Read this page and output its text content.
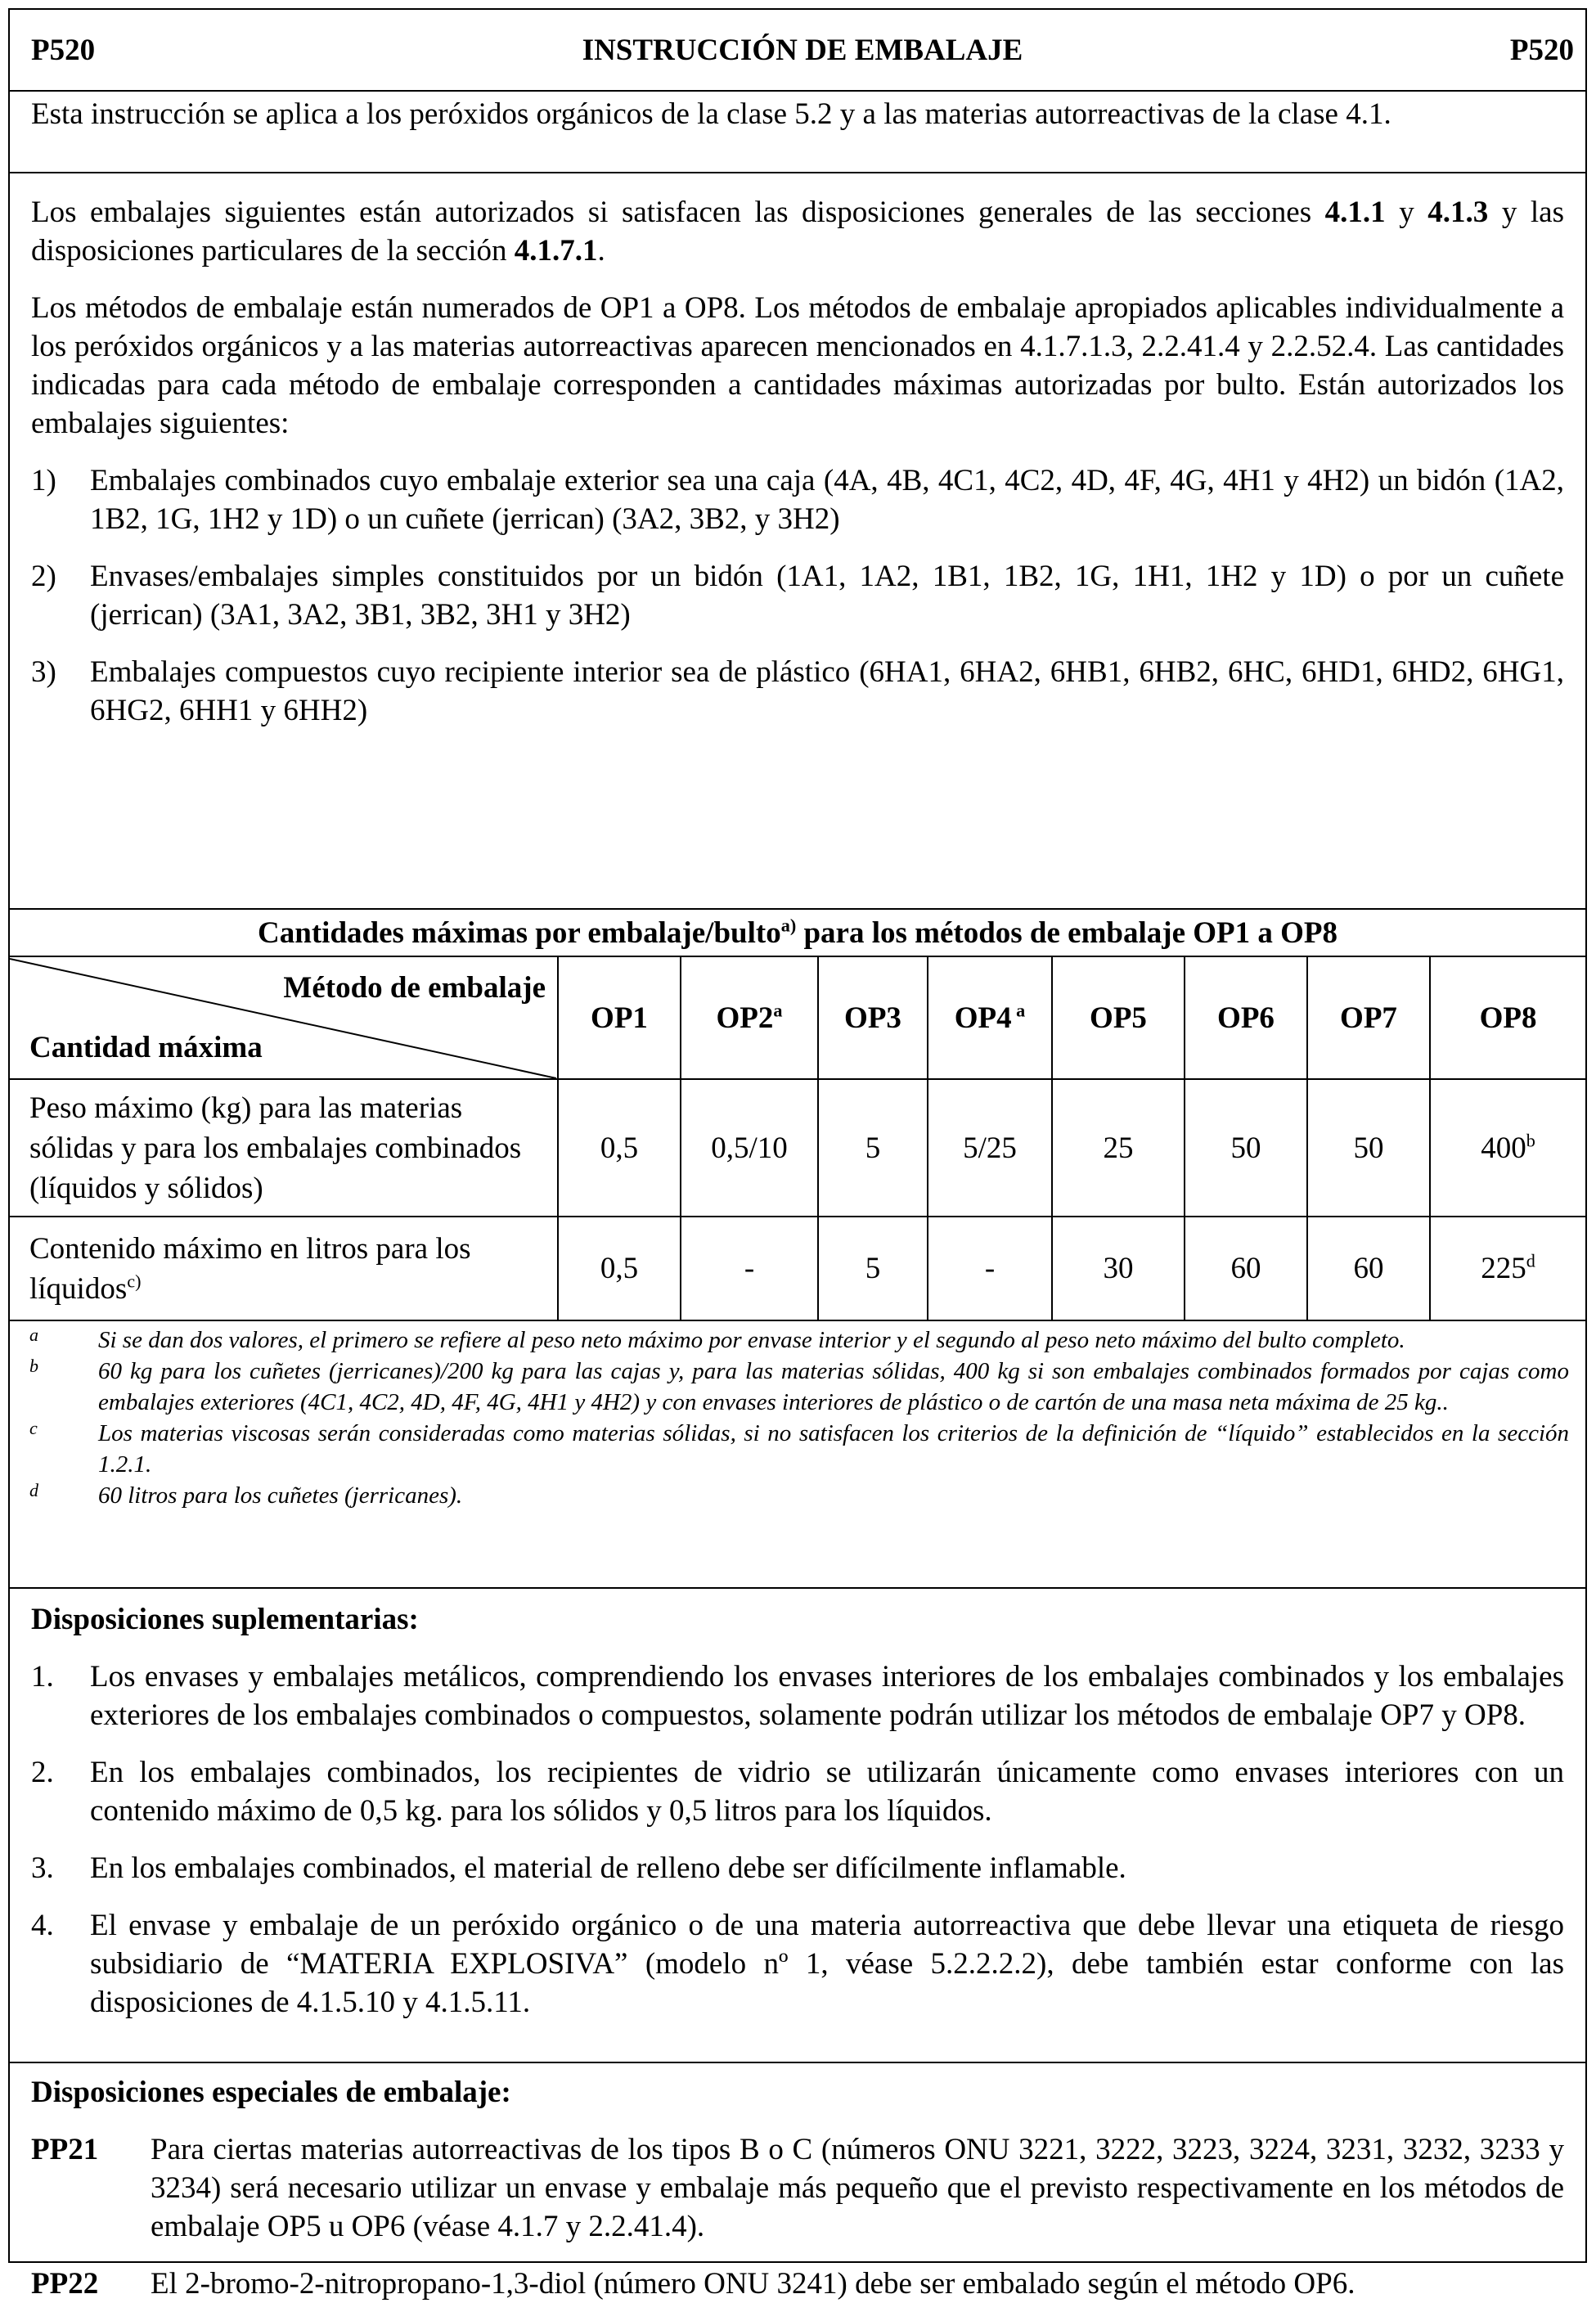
P520	INSTRUCCIÓN DE EMBALAJE	P520

Esta instrucción se aplica a los peróxidos orgánicos de la clase 5.2 y a las materias autorreactivas de la clase 4.1.

Los embalajes siguientes están autorizados si satisfacen las disposiciones generales de las secciones 4.1.1 y 4.1.3 y las disposiciones particulares de la sección 4.1.7.1.

Los métodos de embalaje están numerados de OP1 a OP8. Los métodos de embalaje apropiados aplicables individualmente a los peróxidos orgánicos y a las materias autorreactivas aparecen mencionados en 4.1.7.1.3, 2.2.41.4 y 2.2.52.4. Las cantidades indicadas para cada método de embalaje corresponden a cantidades máximas autorizadas por bulto. Están autorizados los embalajes siguientes:

1)	Embalajes combinados cuyo embalaje exterior sea una caja (4A, 4B, 4C1, 4C2, 4D, 4F, 4G, 4H1 y 4H2) un bidón (1A2, 1B2, 1G, 1H2 y 1D) o un cuñete (jerrican) (3A2, 3B2, y 3H2)
2)	Envases/embalajes simples constituidos por un bidón (1A1, 1A2, 1B1, 1B2, 1G, 1H1, 1H2 y 1D) o por un cuñete (jerrican) (3A1, 3A2, 3B1, 3B2, 3H1 y 3H2)
3)	Embalajes compuestos cuyo recipiente interior sea de plástico (6HA1, 6HA2, 6HB1, 6HB2, 6HC, 6HD1, 6HD2, 6HG1, 6HG2, 6HH1 y 6HH2)
Cantidades máximas por embalaje/bulto$^{a)}$ para los métodos de embalaje OP1 a OP8								

Método de embalaje
Cantidad máxima	OP1	OP2$^a$	OP3	OP4 $^a$	OP5	OP6	OP7	OP8
Peso máximo (kg) para las materias sólidas y para los embalajes combinados (líquidos y sólidos)	0,5	0,5/10	5	5/25	25	50	50	400$^b$
Contenido máximo en litros para los líquidos$^{c)}$	0,5	-	5	-	30	60	60	225$^d$
a	Si se dan dos valores, el primero se refiere al peso neto máximo por envase interior y el segundo al peso neto máximo del bulto completo.
b	60 kg para los cuñetes (jerricanes)/200 kg para las cajas y, para las materias sólidas, 400 kg si son embalajes combinados formados por cajas como embalajes exteriores (4C1, 4C2, 4D, 4F, 4G, 4H1 y 4H2) y con envases interiores de plástico o de cartón de una masa neta máxima de 25 kg..
c	Los materias viscosas serán consideradas como materias sólidas, si no satisfacen los criterios de la definición de “líquido” establecidos en la sección 1.2.1.
d	60 litros para los cuñetes (jerricanes).

Disposiciones suplementarias:

1.	Los envases y embalajes metálicos, comprendiendo los envases interiores de los embalajes combinados y los embalajes exteriores de los embalajes combinados o compuestos, solamente podrán utilizar los métodos de embalaje OP7 y OP8.
2.	En los embalajes combinados, los recipientes de vidrio se utilizarán únicamente como envases interiores con un contenido máximo de 0,5 kg. para los sólidos y 0,5 litros para los líquidos.
3.	En los embalajes combinados, el material de relleno debe ser difícilmente inflamable.
4.	El envase y embalaje de un peróxido orgánico o de una materia autorreactiva que debe llevar una etiqueta de riesgo subsidiario de “MATERIA EXPLOSIVA” (modelo nº 1, véase 5.2.2.2.2), debe también estar conforme con las disposiciones de 4.1.5.10 y 4.1.5.11.

Disposiciones especiales de embalaje:

PP21	Para ciertas materias autorreactivas de los tipos B o C (números ONU 3221, 3222, 3223, 3224, 3231, 3232, 3233 y 3234) será necesario utilizar un envase y embalaje más pequeño que el previsto respectivamente en los métodos de embalaje OP5 u OP6 (véase 4.1.7 y 2.2.41.4).
PP22	El 2-bromo-2-nitropropano-1,3-diol (número ONU 3241) debe ser embalado según el método OP6.
